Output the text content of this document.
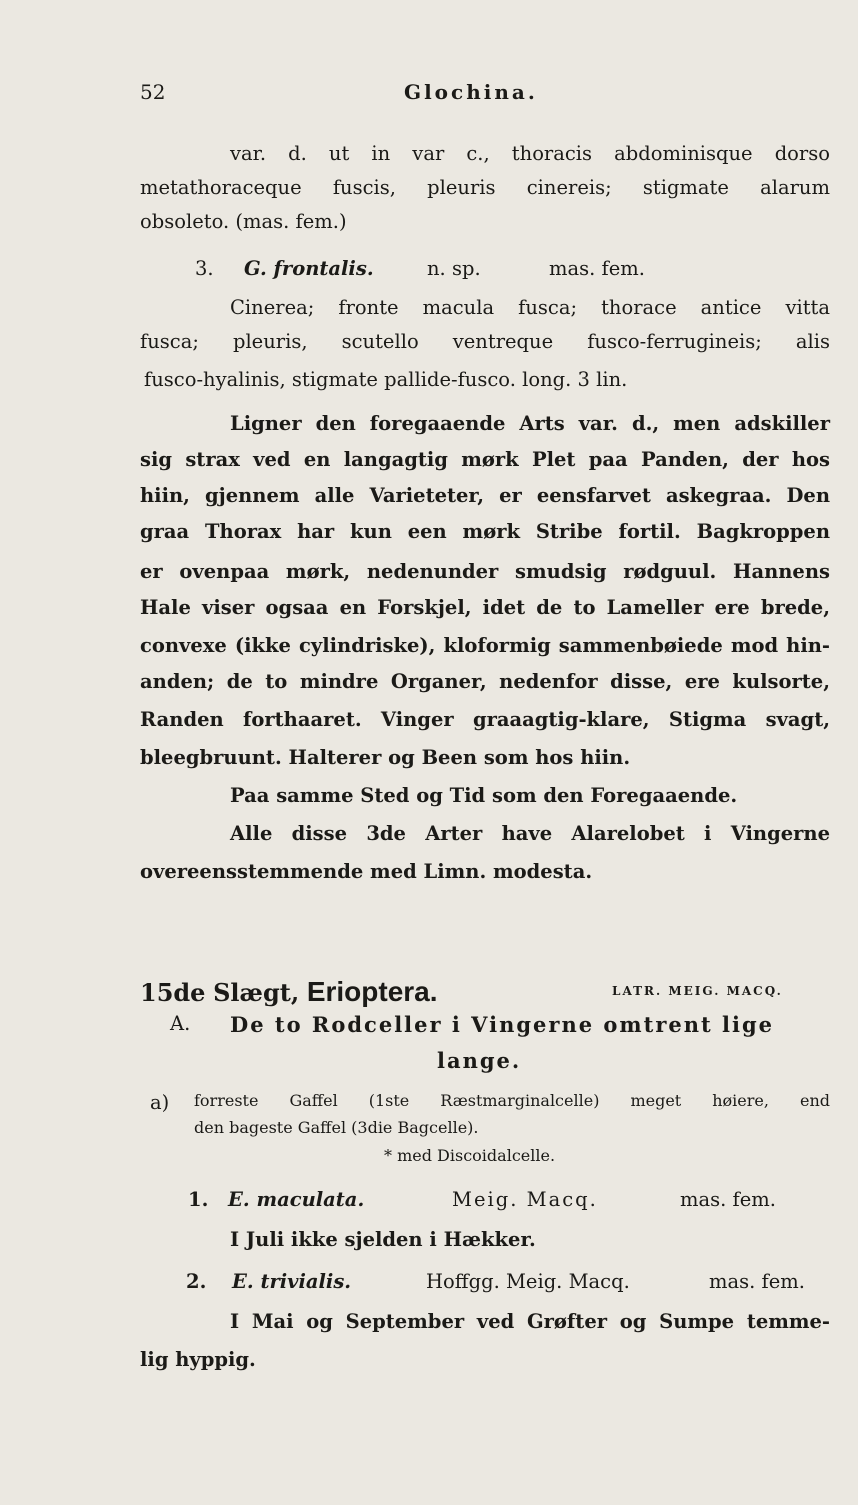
52	Glochina.
var. d. ut in var c., thoracis abdominisque dorso
metathoraceque fuscis, pleuris cinereis; stigmate alarum
obsoleto. (mas. fem.)
3. G. frontalis.	n. sp.	mas. fem.
Cinerea; fronte macula fusca; thorace antice vitta
fusca; pleuris, scutello ventreque fusco-ferrugineis; alis
fusco-hyalinis, stigmate pallide-fusco. long. 3 lin.
Ligner den foregaaende Arts var. d., men adskiller
sig strax ved en langagtig mørk Plet paa Panden, der hos
hiin, gjennem alle Varieteter, er eensfarvet askegraa. Den
graa Thorax har kun een mørk Stribe fortil. Bagkroppen
er ovenpaa mørk, nedenunder smudsig rødguul. Hannens
Hale viser ogsaa en Forskjel, idet de to Lameller ere brede,
convexe (ikke cylindriske), kloformig sammenbøiede mod hin-
anden; de to mindre Organer, nedenfor disse, ere kulsorte,
Randen forthaaret. Vinger graaagtig-klare, Stigma svagt,
bleegbruunt. Halterer og Been som hos hiin.
Paa samme Sted og Tid som den Foregaaende.
Alle disse 3de Arter have Alarelobet i Vingerne
overeensstemmende med Limn. modesta.
15de Slægt, Erioptera.	LATR. MEIG. MACQ.
A. De to Rodceller i Vingerne omtrent lige
lange.
a) forreste Gaffel (1ste Ræstmarginalcelle) meget høiere, end
den bageste Gaffel (3die Bagcelle).
* med Discoidalcelle.
1. E. maculata.	Meig. Macq.	mas. fem.
I Juli ikke sjelden i Hækker.
2. E. trivialis.	Hoffgg. Meig. Macq.	mas. fem.
I Mai og September ved Grøfter og Sumpe temme-
lig hyppig.
